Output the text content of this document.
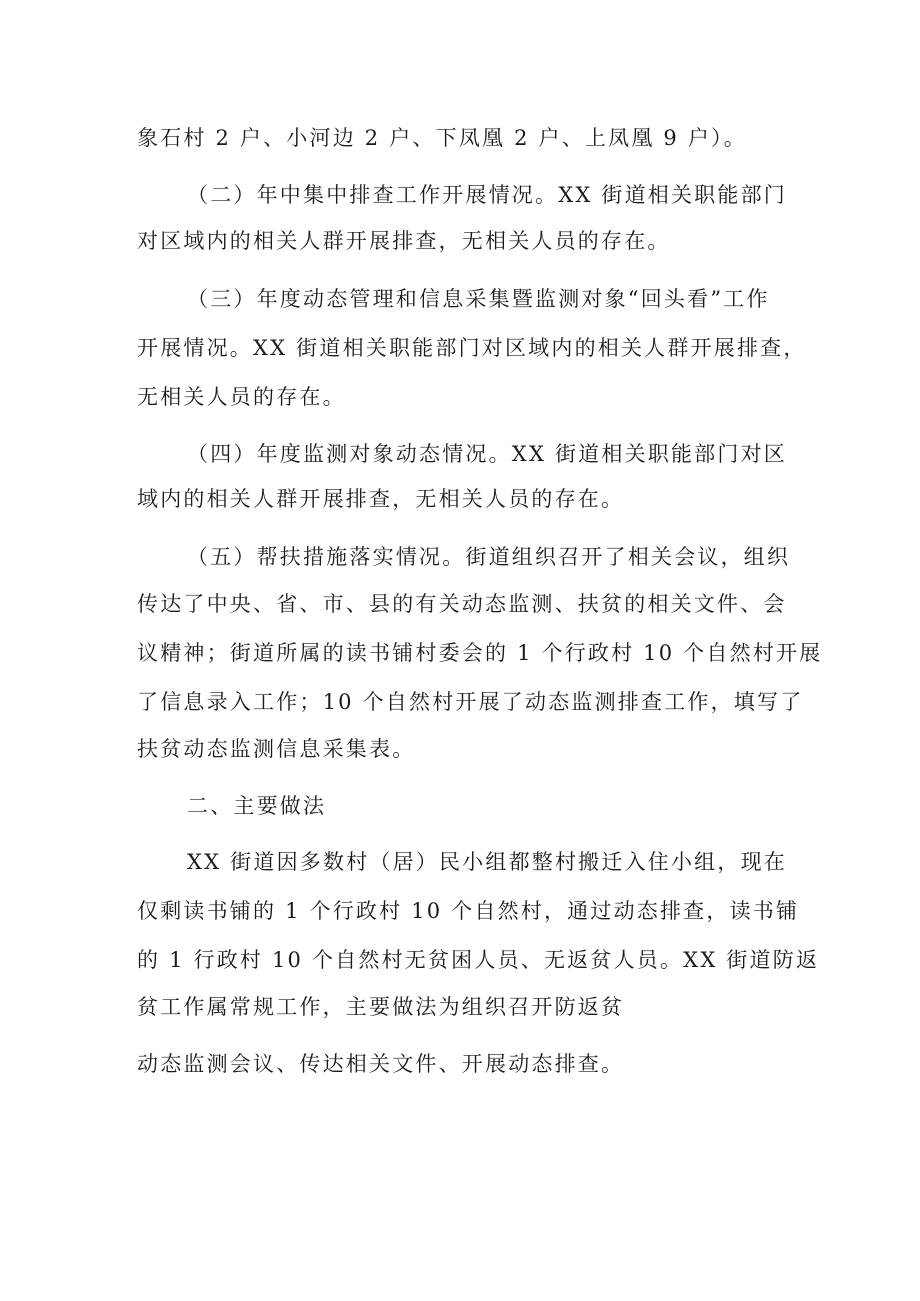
象石村 2 户、小河边 2 户、下凤凰 2 户、上凤凰 9 户）。
（二）年中集中排查工作开展情况。XX 街道相关职能部门
对区域内的相关人群开展排查，无相关人员的存在。
（三）年度动态管理和信息采集暨监测对象“回头看”工作
开展情况。XX 街道相关职能部门对区域内的相关人群开展排查，
无相关人员的存在。
（四）年度监测对象动态情况。XX 街道相关职能部门对区
域内的相关人群开展排查，无相关人员的存在。
（五）帮扶措施落实情况。街道组织召开了相关会议，组织
传达了中央、省、市、县的有关动态监测、扶贫的相关文件、会
议精神；街道所属的读书铺村委会的 1 个行政村 10 个自然村开展
了信息录入工作；10 个自然村开展了动态监测排查工作，填写了
扶贫动态监测信息采集表。
二、主要做法
XX 街道因多数村（居）民小组都整村搬迁入住小组，现在
仅剩读书铺的 1 个行政村 10 个自然村，通过动态排查，读书铺
的 1 行政村 10 个自然村无贫困人员、无返贫人员。XX 街道防返
贫工作属常规工作，主要做法为组织召开防返贫
动态监测会议、传达相关文件、开展动态排查。
